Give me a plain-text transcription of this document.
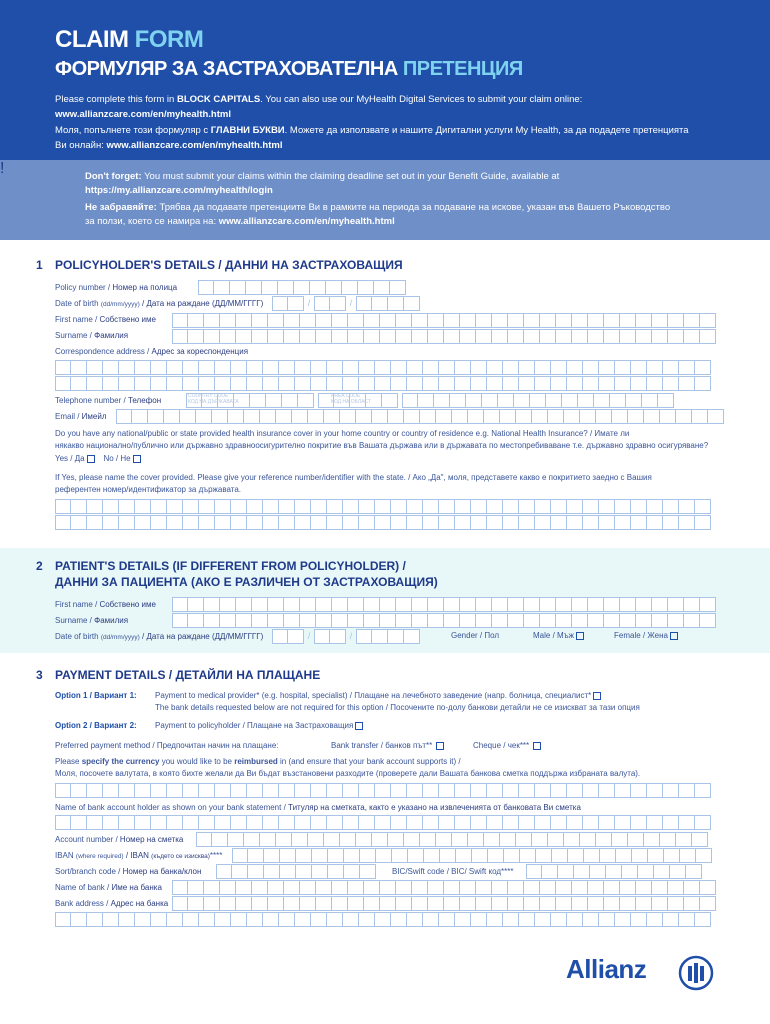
CLAIM FORM
ФОРМУЛЯР ЗА ЗАСТРАХОВАТЕЛНА ПРЕТЕНЦИЯ
Please complete this form in BLOCK CAPITALS. You can also use our MyHealth Digital Services to submit your claim online:
www.allianzcare.com/en/myhealth.html
Моля, попълнете този формуляр с ГЛАВНИ БУКВИ. Можете да използвате и нашите Дигитални услуги My Health, за да подадете претенцията
Ви онлайн: www.allianzcare.com/en/myhealth.html
!	Don't forget: You must submit your claims within the claiming deadline set out in your Benefit Guide, available at
https://my.allianzcare.com/myhealth/login
Не забравяйте: Трябва да подавате претенциите Ви в рамките на периода за подаване на искове, указан във Вашето Ръководство
за ползи, което се намира на: www.allianzcare.com/en/myhealth.html
1 POLICYHOLDER'S DETAILS / ДАННИ НА ЗАСТРАХОВАЩИЯ
Policy number / Номер на полица
Date of birth (dd/mm/yyyy) / Дата на раждане (ДД/ММ/ГГГГ)	/	/
First name / Собствено име
Surname / Фамилия
Correspondence address / Адрес за кореспонденция
Telephone number / Телефон	COUNTRY CODE
КОД НА ДЪРЖАВАТА
AREA CODE
КОД НА ОБЛАСТ
Email / Имейл
Do you have any national/public or state provided health insurance cover in your home country or country of residence e.g. National Health Insurance? / Имате ли
някакво национално/публично или държавно здравноосигурително покритие във Вашата държава или в държавата по местопребиваване т.е. държавно здравно осигуряване?
Yes / Да No / Не
If Yes, please name the cover provided. Please give your reference number/identifier with the state. / Ако „Да", моля, представете какво е покритието заедно с Вашия
референтен номер/идентификатор за държавата.
2 PATIENT'S DETAILS (IF DIFFERENT FROM POLICYHOLDER) /
ДАННИ ЗА ПАЦИЕНТА (АКО Е РАЗЛИЧЕН ОТ ЗАСТРАХОВАЩИЯ)
First name / Собствено име
Surname / Фамилия
Date of birth (dd/mm/yyyy) / Дата на раждане (ДД/ММ/ГГГГ)	/	/	Gender / Пол	Male / Мъж	Female / Жена
3 PAYMENT DETAILS / ДЕТАЙЛИ НА ПЛАЩАНЕ
Option 1 / Вариант 1: Payment to medical provider* (e.g. hospital, specialist) / Плащане на лечебното заведение (напр. болница, специалист*
The bank details requested below are not required for this option / Посочените по-долу банкови детайли не се изискват за тази опция
Option 2 / Вариант 2: Payment to policyholder / Плащане на Застраховащия
Preferred payment method / Предпочитан начин на плащане:	Bank transfer / банков път**	Cheque / чек***
Please specify the currency you would like to be reimbursed in (and ensure that your bank account supports it) /
Моля, посочете валутата, в която бихте желали да Ви бъдат възстановени разходите (проверете дали Вашата банкова сметка поддържа избраната валута).
Name of bank account holder as shown on your bank statement / Титуляр на сметката, както е указано на извлеченията от банковата Ви сметка
Account number / Номер на сметка
IBAN (where required) / IBAN (където се изисква)****
Sort/branch code / Номер на банка/клон	BIC/Swift code / BIC/ Swift код****
Name of bank / Име на банка
Bank address / Адрес на банка
Allianz
